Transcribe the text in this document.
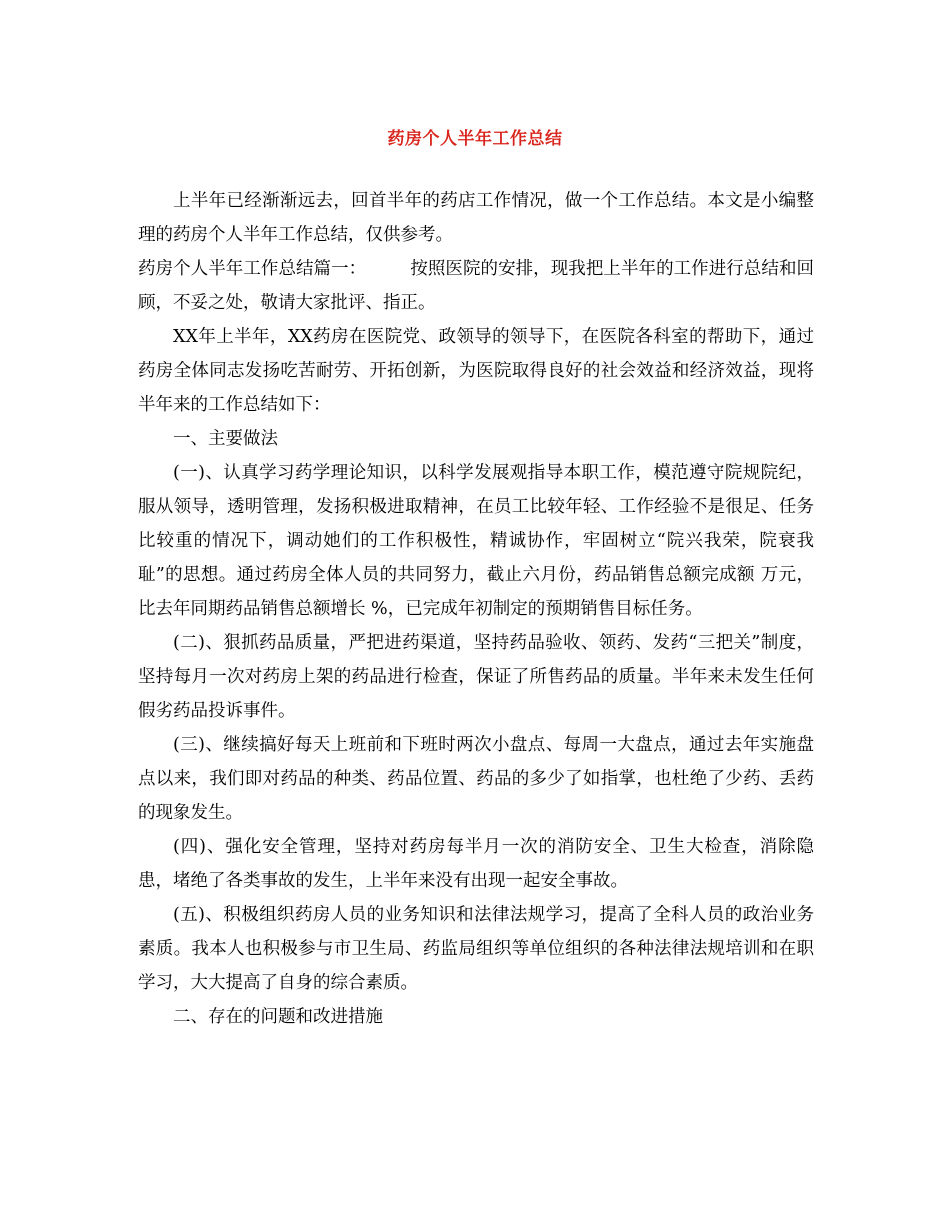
药房个人半年工作总结

上半年已经渐渐远去，回首半年的药店工作情况，做一个工作总结。本文是小编整理的药房个人半年工作总结，仅供参考。

药房个人半年工作总结篇一：	按照医院的安排，现我把上半年的工作进行总结和回顾，不妥之处，敬请大家批评、指正。

XX年上半年，XX药房在医院党、政领导的领导下，在医院各科室的帮助下，通过药房全体同志发扬吃苦耐劳、开拓创新，为医院取得良好的社会效益和经济效益，现将半年来的工作总结如下：

一、主要做法

(一)、认真学习药学理论知识，以科学发展观指导本职工作，模范遵守院规院纪，服从领导，透明管理，发扬积极进取精神，在员工比较年轻、工作经验不是很足、任务比较重的情况下，调动她们的工作积极性，精诚协作，牢固树立“院兴我荣，院衰我耻”的思想。通过药房全体人员的共同努力，截止六月份，药品销售总额完成额 万元，比去年同期药品销售总额增长 %，已完成年初制定的预期销售目标任务。

(二)、狠抓药品质量，严把进药渠道，坚持药品验收、领药、发药“三把关”制度，坚持每月一次对药房上架的药品进行检查，保证了所售药品的质量。半年来未发生任何假劣药品投诉事件。

(三)、继续搞好每天上班前和下班时两次小盘点、每周一大盘点，通过去年实施盘点以来，我们即对药品的种类、药品位置、药品的多少了如指掌，也杜绝了少药、丢药的现象发生。

(四)、强化安全管理，坚持对药房每半月一次的消防安全、卫生大检查，消除隐患，堵绝了各类事故的发生，上半年来没有出现一起安全事故。

(五)、积极组织药房人员的业务知识和法律法规学习，提高了全科人员的政治业务素质。我本人也积极参与市卫生局、药监局组织等单位组织的各种法律法规培训和在职学习，大大提高了自身的综合素质。

二、存在的问题和改进措施
